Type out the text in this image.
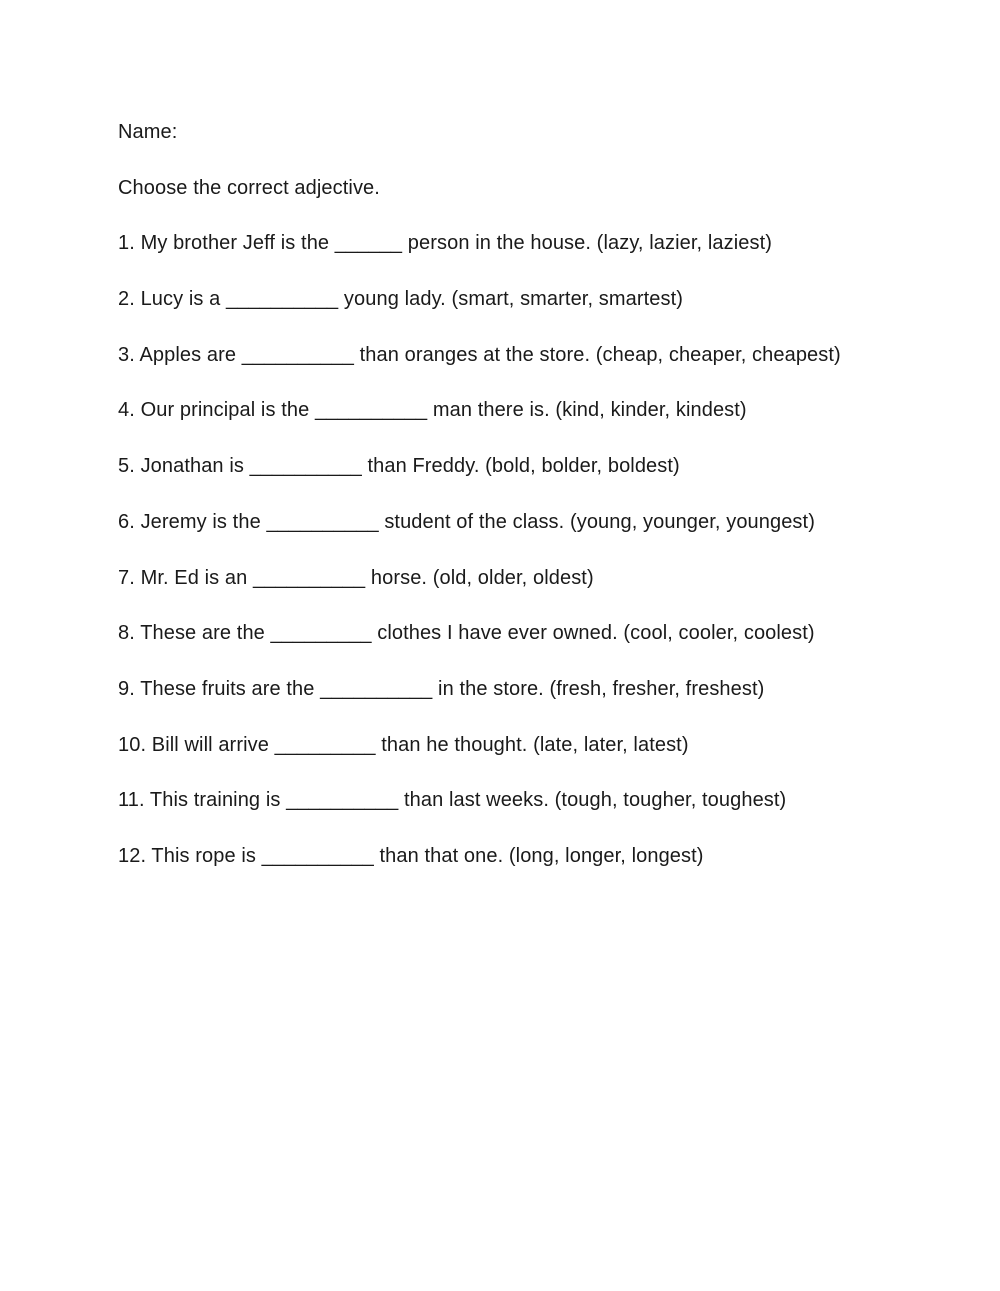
Name:
Choose the correct adjective.
1. My brother Jeff is the ______ person in the house. (lazy, lazier, laziest)
2. Lucy is a __________ young lady. (smart, smarter, smartest)
3. Apples are __________ than oranges at the store. (cheap, cheaper, cheapest)
4. Our principal is the __________ man there is. (kind, kinder, kindest)
5. Jonathan is __________ than Freddy. (bold, bolder, boldest)
6. Jeremy is the __________ student of the class. (young, younger, youngest)
7. Mr. Ed is an __________ horse. (old, older, oldest)
8. These are the _________ clothes I have ever owned. (cool, cooler, coolest)
9. These fruits are the __________ in the store. (fresh, fresher, freshest)
10. Bill will arrive _________ than he thought. (late, later, latest)
11. This training is __________ than last weeks. (tough, tougher, toughest)
12. This rope is __________ than that one. (long, longer, longest)
